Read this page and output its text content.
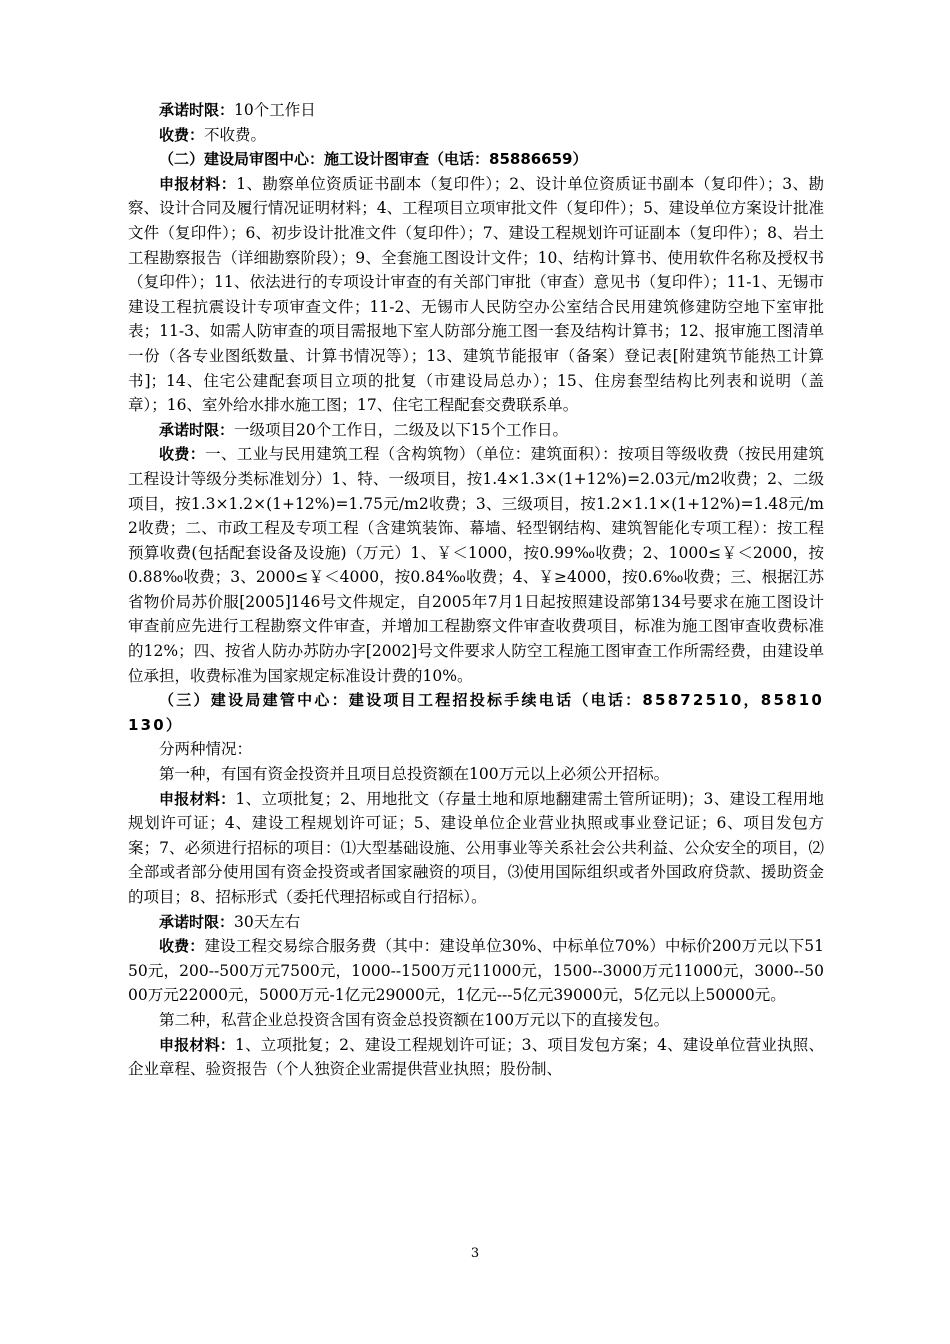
承诺时限：10个工作日

收费：不收费。

（二）建设局审图中心：施工设计图审查（电话：85886659）

申报材料：1、勘察单位资质证书副本（复印件）；2、设计单位资质证书副本（复印件）；3、勘察、设计合同及履行情况证明材料；4、工程项目立项审批文件（复印件）；5、建设单位方案设计批准文件（复印件）；6、初步设计批准文件（复印件）；7、建设工程规划许可证副本（复印件）；8、岩土工程勘察报告（详细勘察阶段）；9、全套施工图设计文件；10、结构计算书、使用软件名称及授权书（复印件）；11、依法进行的专项设计审查的有关部门审批（审查）意见书（复印件）；11-1、无锡市建设工程抗震设计专项审查文件；11-2、无锡市人民防空办公室结合民用建筑修建防空地下室审批表；11-3、如需人防审查的项目需报地下室人防部分施工图一套及结构计算书；12、报审施工图清单一份（各专业图纸数量、计算书情况等）；13、建筑节能报审（备案）登记表[附建筑节能热工计算书]；14、住宅公建配套项目立项的批复（市建设局总办）；15、住房套型结构比列表和说明（盖章）；16、室外给水排水施工图；17、住宅工程配套交费联系单。

承诺时限：一级项目20个工作日，二级及以下15个工作日。

收费：一、工业与民用建筑工程（含构筑物）（单位：建筑面积）：按项目等级收费（按民用建筑工程设计等级分类标准划分）1、特、一级项目，按1.4×1.3×(1+12%)=2.03元/m2收费；2、二级项目，按1.3×1.2×(1+12%)=1.75元/m2收费；3、三级项目，按1.2×1.1×(1+12%)=1.48元/m2收费；二、市政工程及专项工程（含建筑装饰、幕墙、轻型钢结构、建筑智能化专项工程）：按工程预算收费(包括配套设备及设施)（万元）1、￥＜1000，按0.99‰收费；2、1000≤￥＜2000，按0.88‰收费；3、2000≤￥＜4000，按0.84‰收费；4、￥≥4000，按0.6‰收费；三、根据江苏省物价局苏价服[2005]146号文件规定，自2005年7月1日起按照建设部第134号要求在施工图设计审查前应先进行工程勘察文件审查，并增加工程勘察文件审查收费项目，标准为施工图审查收费标准的12%；四、按省人防办苏防办字[2002]号文件要求人防空工程施工图审查工作所需经费，由建设单位承担，收费标准为国家规定标准设计费的10%。

（三）建设局建管中心：建设项目工程招投标手续电话（电话：85872510，85810130）

分两种情况：

第一种，有国有资金投资并且项目总投资额在100万元以上必须公开招标。

申报材料：1、立项批复；2、用地批文（存量土地和原地翻建需土管所证明)；3、建设工程用地规划许可证；4、建设工程规划许可证；5、建设单位企业营业执照或事业登记证；6、项目发包方案；7、必须进行招标的项目：⑴大型基础设施、公用事业等关系社会公共利益、公众安全的项目，⑵全部或者部分使用国有资金投资或者国家融资的项目，⑶使用国际组织或者外国政府贷款、援助资金的项目；8、招标形式（委托代理招标或自行招标）。

承诺时限：30天左右

收费：建设工程交易综合服务费（其中：建设单位30%、中标单位70%）中标价200万元以下5150元，200--500万元7500元，1000--1500万元11000元，1500--3000万元11000元，3000--5000万元22000元，5000万元-1亿元29000元，1亿元---5亿元39000元，5亿元以上50000元。

第二种，私营企业总投资含国有资金总投资额在100万元以下的直接发包。

申报材料：1、立项批复；2、建设工程规划许可证；3、项目发包方案；4、建设单位营业执照、企业章程、验资报告（个人独资企业需提供营业执照；股份制、

3
